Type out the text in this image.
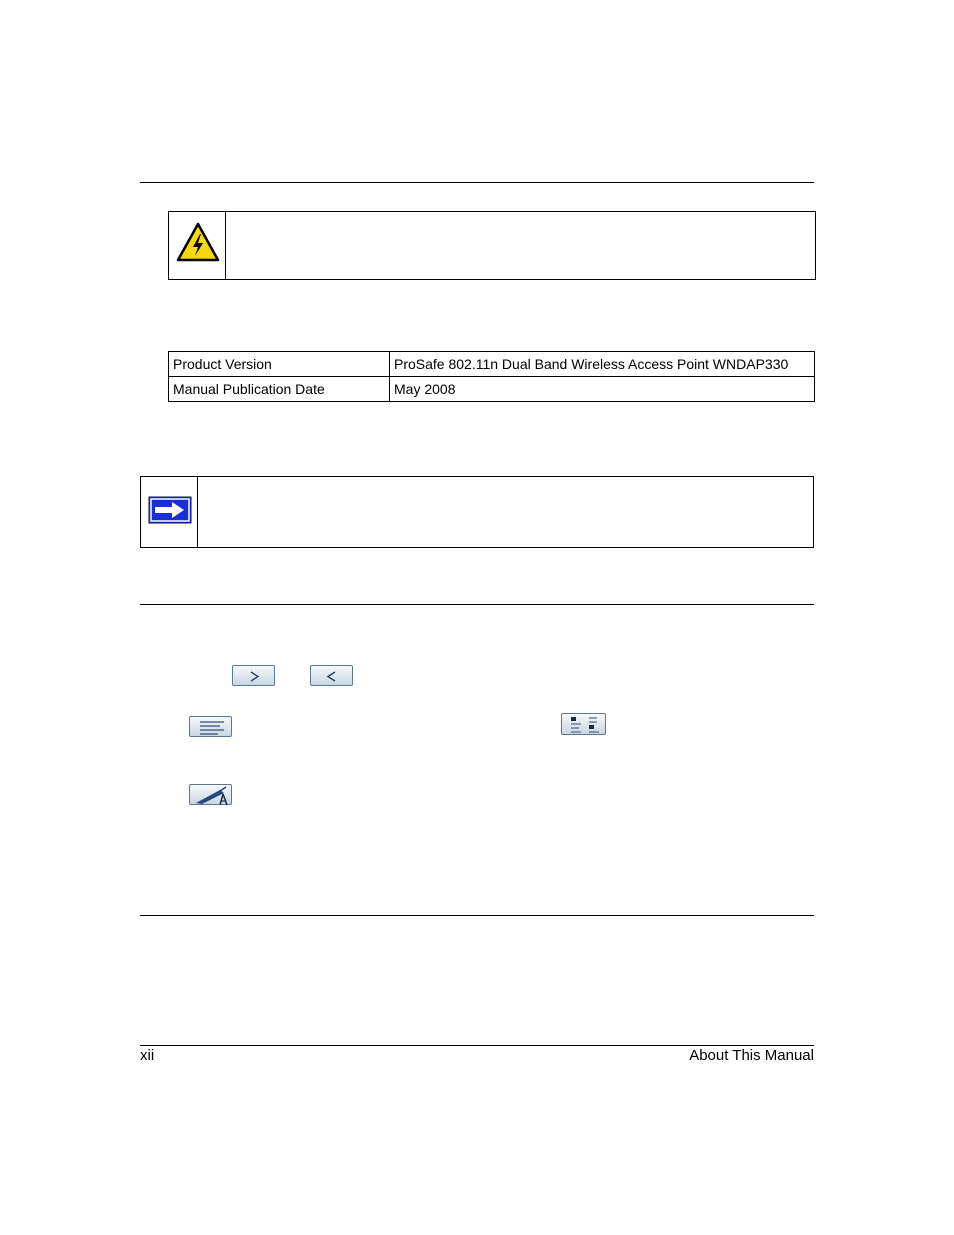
Product Version	ProSafe 802.11n Dual Band Wireless Access Point WNDAP330
Manual Publication Date	May 2008
xii	About This Manual
